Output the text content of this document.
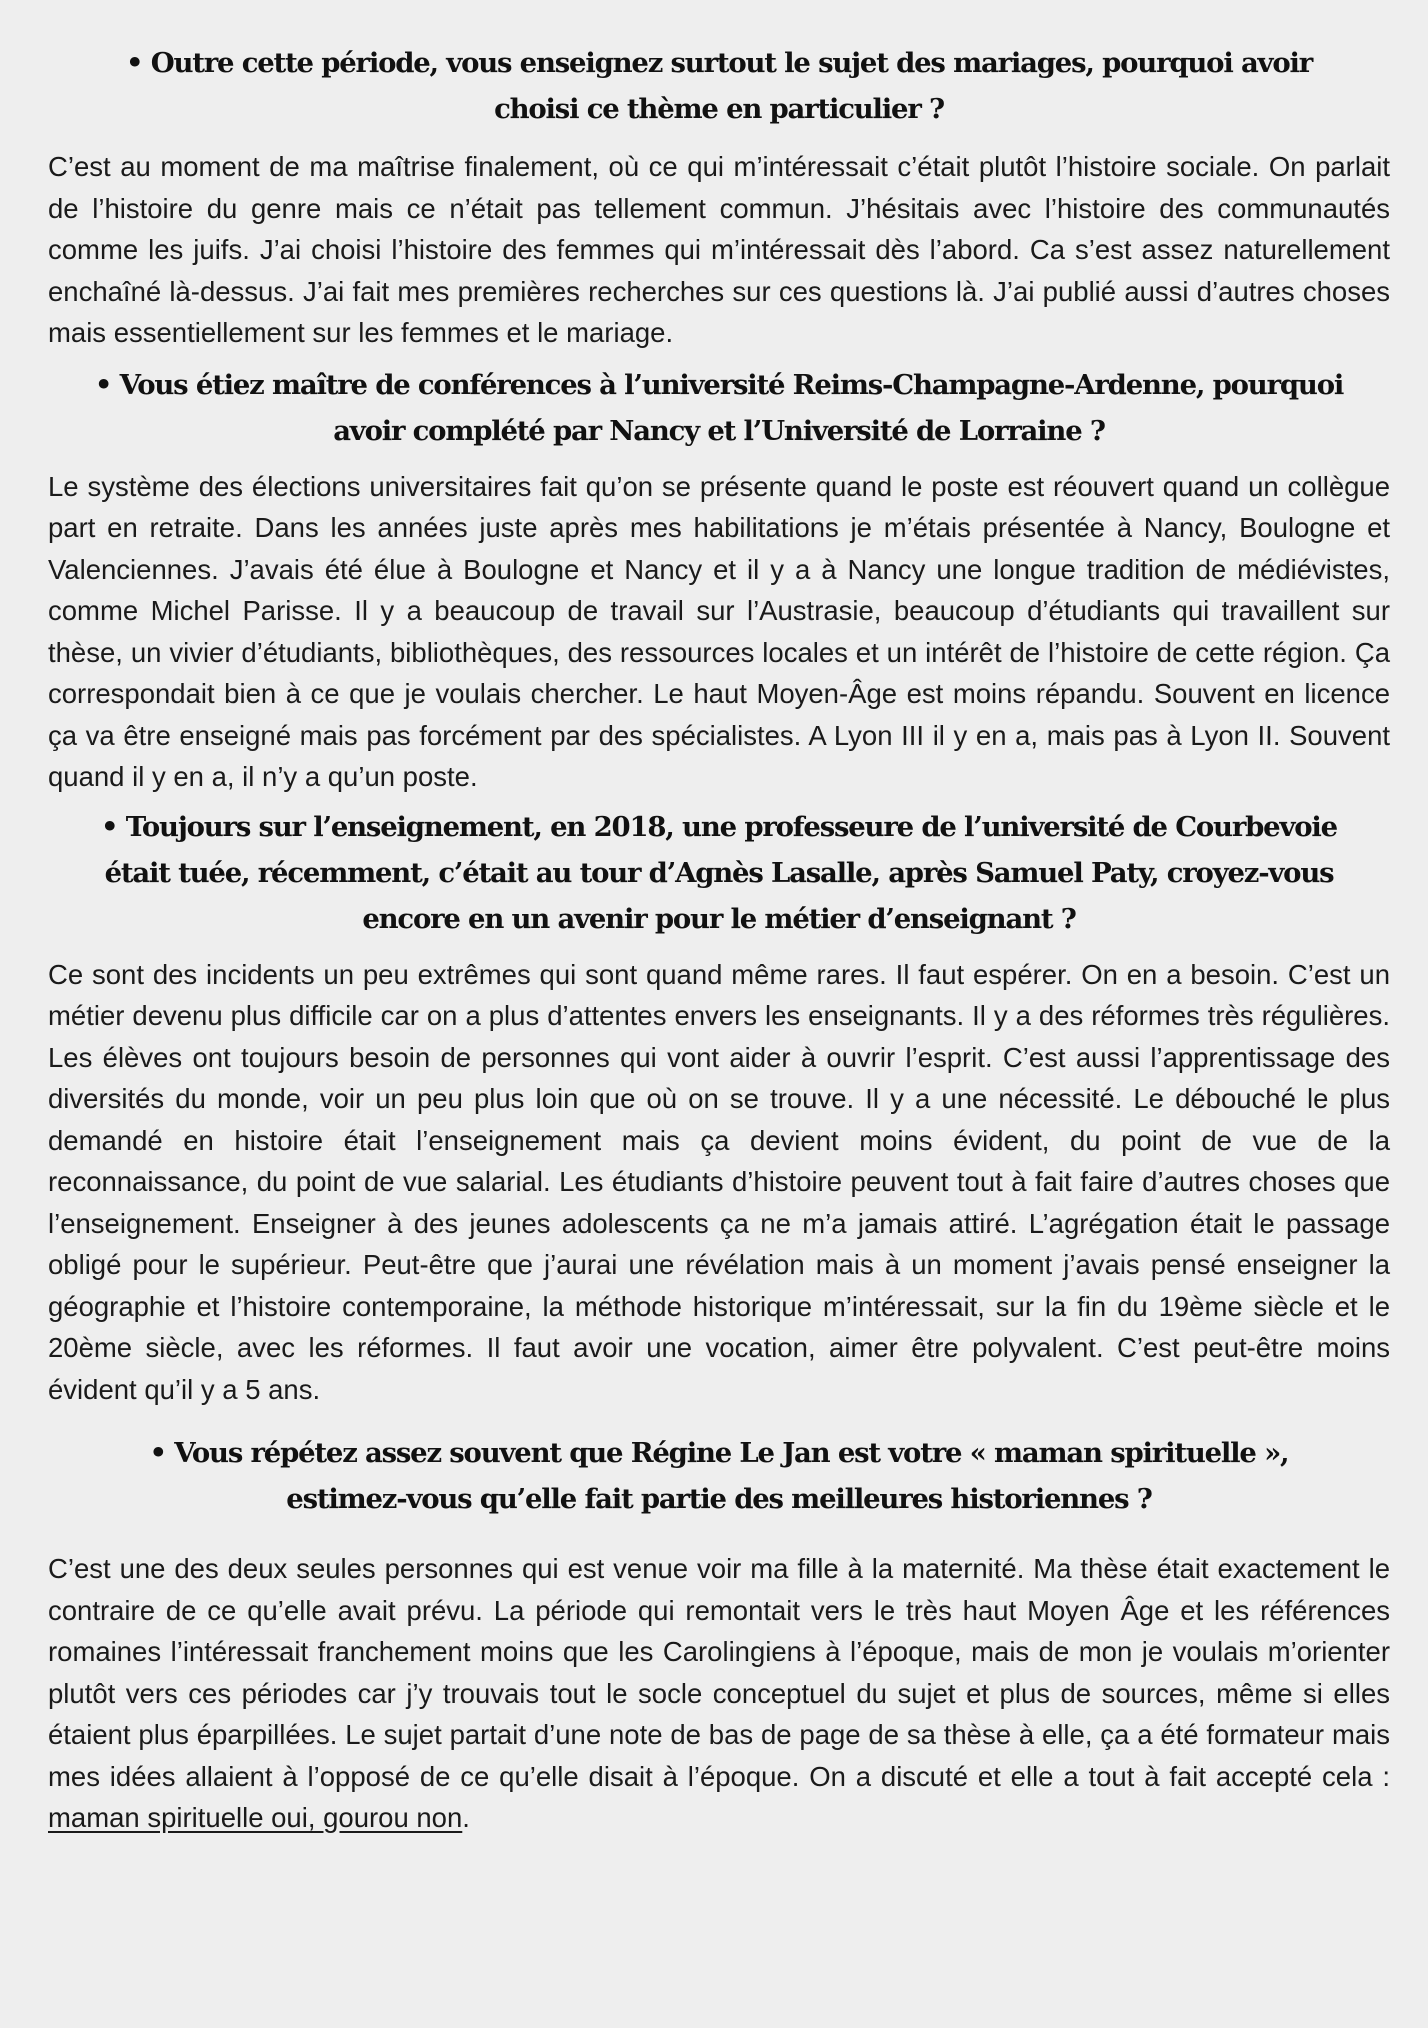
• Outre cette période, vous enseignez surtout le sujet des mariages, pourquoi avoir choisi ce thème en particulier ?

C’est au moment de ma maîtrise finalement, où ce qui m’intéressait c’était plutôt l’histoire sociale. On parlait de l’histoire du genre mais ce n’était pas tellement commun. J’hésitais avec l’histoire des communautés comme les juifs. J’ai choisi l’histoire des femmes qui m’intéressait dès l’abord. Ca s’est assez naturellement enchaîné là-dessus. J’ai fait mes premières recherches sur ces questions là. J’ai publié aussi d’autres choses mais essentiellement sur les femmes et le mariage.

• Vous étiez maître de conférences à l’université Reims-Champagne-Ardenne, pourquoi avoir complété par Nancy et l’Université de Lorraine ?

Le système des élections universitaires fait qu’on se présente quand le poste est réouvert quand un collègue part en retraite. Dans les années juste après mes habilitations je m’étais présentée à Nancy, Boulogne et Valenciennes. J’avais été élue à Boulogne et Nancy et il y a à Nancy une longue tradition de médiévistes, comme Michel Parisse. Il y a beaucoup de travail sur l’Austrasie, beaucoup d’étudiants qui travaillent sur thèse, un vivier d’étudiants, bibliothèques, des ressources locales et un intérêt de l’histoire de cette région. Ça correspondait bien à ce que je voulais chercher. Le haut Moyen-Âge est moins répandu. Souvent en licence ça va être enseigné mais pas forcément par des spécialistes. A Lyon III il y en a, mais pas à Lyon II. Souvent quand il y en a, il n’y a qu’un poste.

• Toujours sur l’enseignement, en 2018, une professeure de l’université de Courbevoie était tuée, récemment, c’était au tour d’Agnès Lasalle, après Samuel Paty, croyez-vous encore en un avenir pour le métier d’enseignant ?

Ce sont des incidents un peu extrêmes qui sont quand même rares. Il faut espérer. On en a besoin. C’est un métier devenu plus difficile car on a plus d’attentes envers les enseignants. Il y a des réformes très régulières. Les élèves ont toujours besoin de personnes qui vont aider à ouvrir l’esprit. C’est aussi l’apprentissage des diversités du monde, voir un peu plus loin que où on se trouve. Il y a une nécessité. Le débouché le plus demandé en histoire était l’enseignement mais ça devient moins évident, du point de vue de la reconnaissance, du point de vue salarial. Les étudiants d’histoire peuvent tout à fait faire d’autres choses que l’enseignement. Enseigner à des jeunes adolescents ça ne m’a jamais attiré. L’agrégation était le passage obligé pour le supérieur. Peut-être que j’aurai une révélation mais à un moment j’avais pensé enseigner la géographie et l’histoire contemporaine, la méthode historique m’intéressait, sur la fin du 19ème siècle et le 20ème siècle, avec les réformes. Il faut avoir une vocation, aimer être polyvalent. C’est peut-être moins évident qu’il y a 5 ans.

• Vous répétez assez souvent que Régine Le Jan est votre « maman spirituelle », estimez-vous qu’elle fait partie des meilleures historiennes ?

C’est une des deux seules personnes qui est venue voir ma fille à la maternité. Ma thèse était exactement le contraire de ce qu’elle avait prévu. La période qui remontait vers le très haut Moyen Âge et les références romaines l’intéressait franchement moins que les Carolingiens à l’époque, mais de mon je voulais m’orienter plutôt vers ces périodes car j’y trouvais tout le socle conceptuel du sujet et plus de sources, même si elles étaient plus éparpillées. Le sujet partait d’une note de bas de page de sa thèse à elle, ça a été formateur mais mes idées allaient à l’opposé de ce qu’elle disait à l’époque. On a discuté et elle a tout à fait accepté cela : maman spirituelle oui, gourou non.
